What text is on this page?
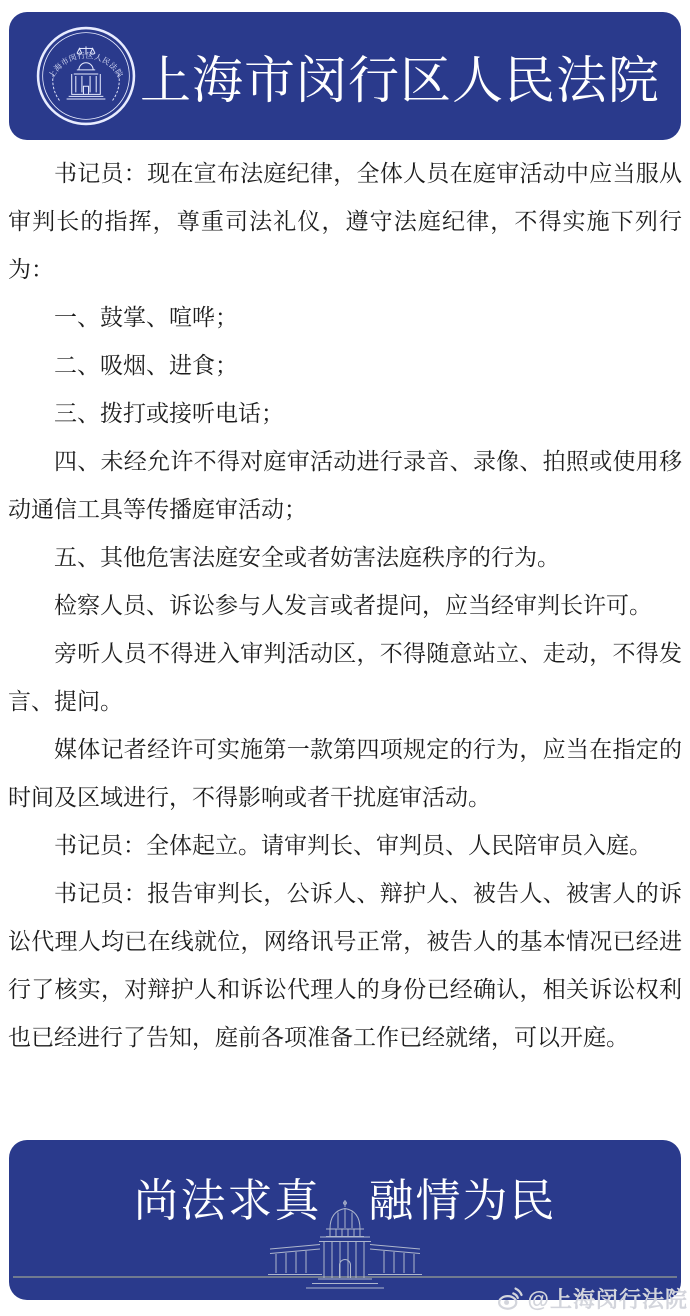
上海市闵行区人民法院 上海市闵行区人民法院

书记员：现在宣布法庭纪律，全体人员在庭审活动中应当服从审判长的指挥，尊重司法礼仪，遵守法庭纪律，不得实施下列行为：

一、鼓掌、喧哗；

二、吸烟、进食；

三、拨打或接听电话；

四、未经允许不得对庭审活动进行录音、录像、拍照或使用移动通信工具等传播庭审活动；

五、其他危害法庭安全或者妨害法庭秩序的行为。

检察人员、诉讼参与人发言或者提问，应当经审判长许可。

旁听人员不得进入审判活动区，不得随意站立、走动，不得发言、提问。

媒体记者经许可实施第一款第四项规定的行为，应当在指定的时间及区域进行，不得影响或者干扰庭审活动。

书记员：全体起立。请审判长、审判员、人民陪审员入庭。

书记员：报告审判长，公诉人、辩护人、被告人、被害人的诉讼代理人均已在线就位，网络讯号正常，被告人的基本情况已经进行了核实，对辩护人和诉讼代理人的身份已经确认，相关诉讼权利也已经进行了告知，庭前各项准备工作已经就绪，可以开庭。

尚法求真　融情为民
@上海闵行法院
